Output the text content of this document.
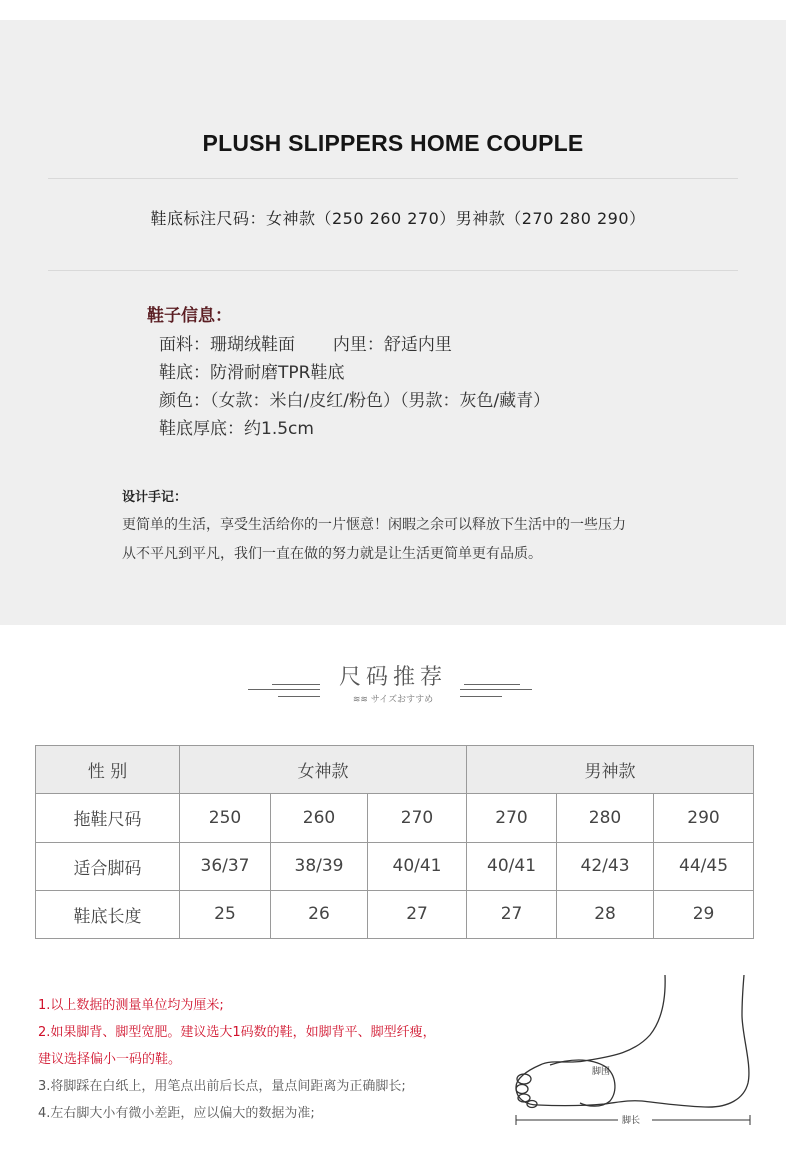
PLUSH SLIPPERS HOME COUPLE
鞋底标注尺码：女神款（250 260 270）男神款（270 280 290）
鞋子信息：
面料：珊瑚绒鞋面       内里：舒适内里
鞋底：防滑耐磨TPR鞋底
颜色：（女款：米白/皮红/粉色）（男款：灰色/藏青）
鞋底厚底：约1.5cm
设计手记：
更简单的生活，享受生活给你的一片惬意！闲暇之余可以释放下生活中的一些压力
从不平凡到平凡，我们一直在做的努力就是让生活更简单更有品质。
尺码推荐
≋≋ サイズおすすめ
性 别	女神款			男神款		
拖鞋尺码	250	260	270	270	280	290
适合脚码	36/37	38/39	40/41	40/41	42/43	44/45
鞋底长度	25	26	27	27	28	29
1.以上数据的测量单位均为厘米;
2.如果脚背、脚型宽肥。建议选大1码数的鞋，如脚背平、脚型纤瘦，
建议选择偏小一码的鞋。
3.将脚踩在白纸上，用笔点出前后长点，量点间距离为正确脚长;
4.左右脚大小有微小差距，应以偏大的数据为准;
脚围
脚长
